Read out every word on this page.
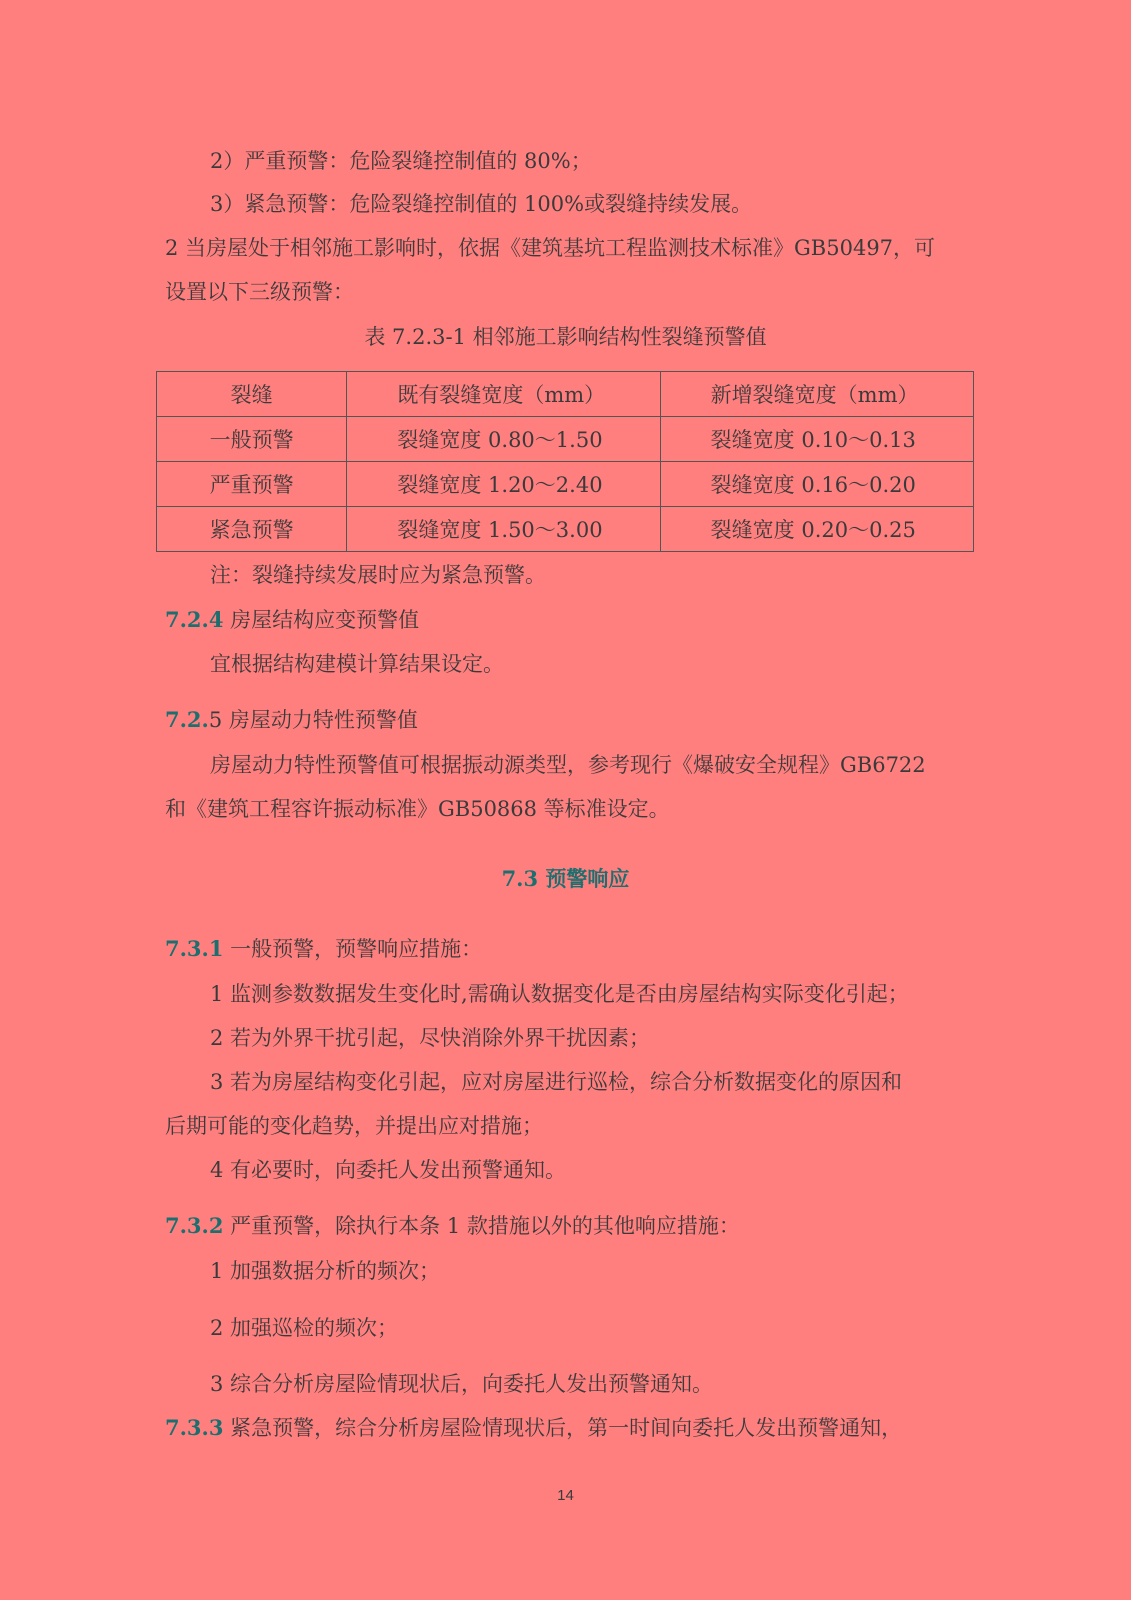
2）严重预警：危险裂缝控制值的 80%；
3）紧急预警：危险裂缝控制值的 100%或裂缝持续发展。
2 当房屋处于相邻施工影响时，依据《建筑基坑工程监测技术标准》GB50497，可
设置以下三级预警：
表 7.2.3-1 相邻施工影响结构性裂缝预警值
裂缝	既有裂缝宽度（mm）	新增裂缝宽度（mm）
一般预警	裂缝宽度 0.80～1.50	裂缝宽度 0.10～0.13
严重预警	裂缝宽度 1.20～2.40	裂缝宽度 0.16～0.20
紧急预警	裂缝宽度 1.50～3.00	裂缝宽度 0.20～0.25
注：裂缝持续发展时应为紧急预警。
7.2.4 房屋结构应变预警值
宜根据结构建模计算结果设定。
7.2.5 房屋动力特性预警值
房屋动力特性预警值可根据振动源类型，参考现行《爆破安全规程》GB6722
和《建筑工程容许振动标准》GB50868 等标准设定。
7.3 预警响应
7.3.1 一般预警，预警响应措施：
1 监测参数数据发生变化时,需确认数据变化是否由房屋结构实际变化引起；
2 若为外界干扰引起，尽快消除外界干扰因素；
3 若为房屋结构变化引起，应对房屋进行巡检，综合分析数据变化的原因和
后期可能的变化趋势，并提出应对措施；
4 有必要时，向委托人发出预警通知。
7.3.2 严重预警，除执行本条 1 款措施以外的其他响应措施：
1 加强数据分析的频次；
2 加强巡检的频次；
3 综合分析房屋险情现状后，向委托人发出预警通知。
7.3.3 紧急预警，综合分析房屋险情现状后，第一时间向委托人发出预警通知，
14
